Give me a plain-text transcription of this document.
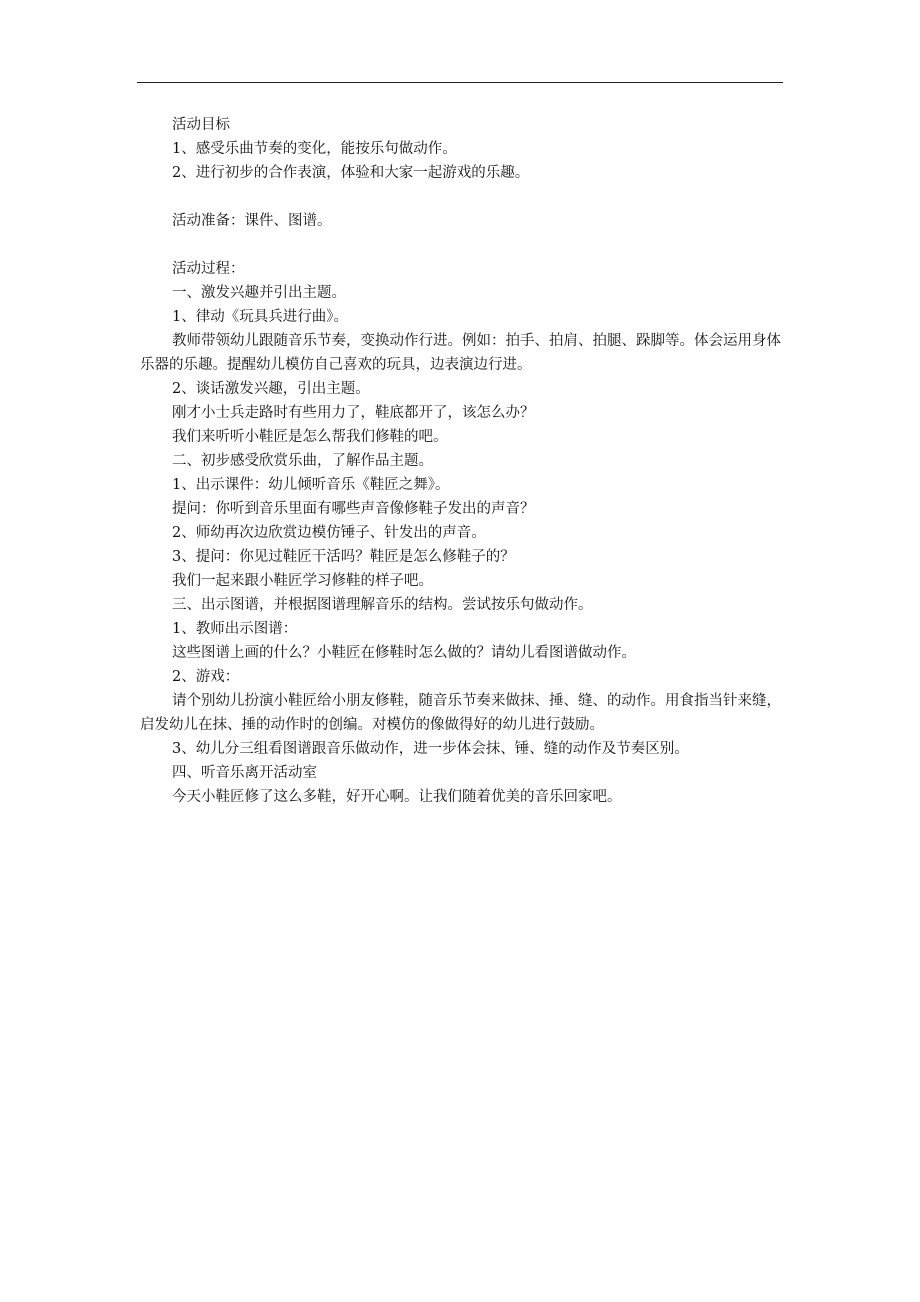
活动目标

1、感受乐曲节奏的变化，能按乐句做动作。

2、进行初步的合作表演，体验和大家一起游戏的乐趣。

活动准备：课件、图谱。

活动过程：

一、激发兴趣并引出主题。

1、律动《玩具兵进行曲》。

教师带领幼儿跟随音乐节奏，变换动作行进。例如：拍手、拍肩、拍腿、跺脚等。体会运用身体乐器的乐趣。提醒幼儿模仿自己喜欢的玩具，边表演边行进。

2、谈话激发兴趣，引出主题。

刚才小士兵走路时有些用力了，鞋底都开了，该怎么办？

我们来听听小鞋匠是怎么帮我们修鞋的吧。

二、初步感受欣赏乐曲，了解作品主题。

1、出示课件：幼儿倾听音乐《鞋匠之舞》。

提问：你听到音乐里面有哪些声音像修鞋子发出的声音？

2、师幼再次边欣赏边模仿锤子、针发出的声音。

3、提问：你见过鞋匠干活吗？鞋匠是怎么修鞋子的？

我们一起来跟小鞋匠学习修鞋的样子吧。

三、出示图谱，并根据图谱理解音乐的结构。尝试按乐句做动作。

1、教师出示图谱：

这些图谱上画的什么？小鞋匠在修鞋时怎么做的？请幼儿看图谱做动作。

2、游戏：

请个别幼儿扮演小鞋匠给小朋友修鞋，随音乐节奏来做抹、捶、缝、的动作。用食指当针来缝，启发幼儿在抹、捶的动作时的创编。对模仿的像做得好的幼儿进行鼓励。

3、幼儿分三组看图谱跟音乐做动作，进一步体会抹、锤、缝的动作及节奏区别。

四、听音乐离开活动室

今天小鞋匠修了这么多鞋，好开心啊。让我们随着优美的音乐回家吧。
